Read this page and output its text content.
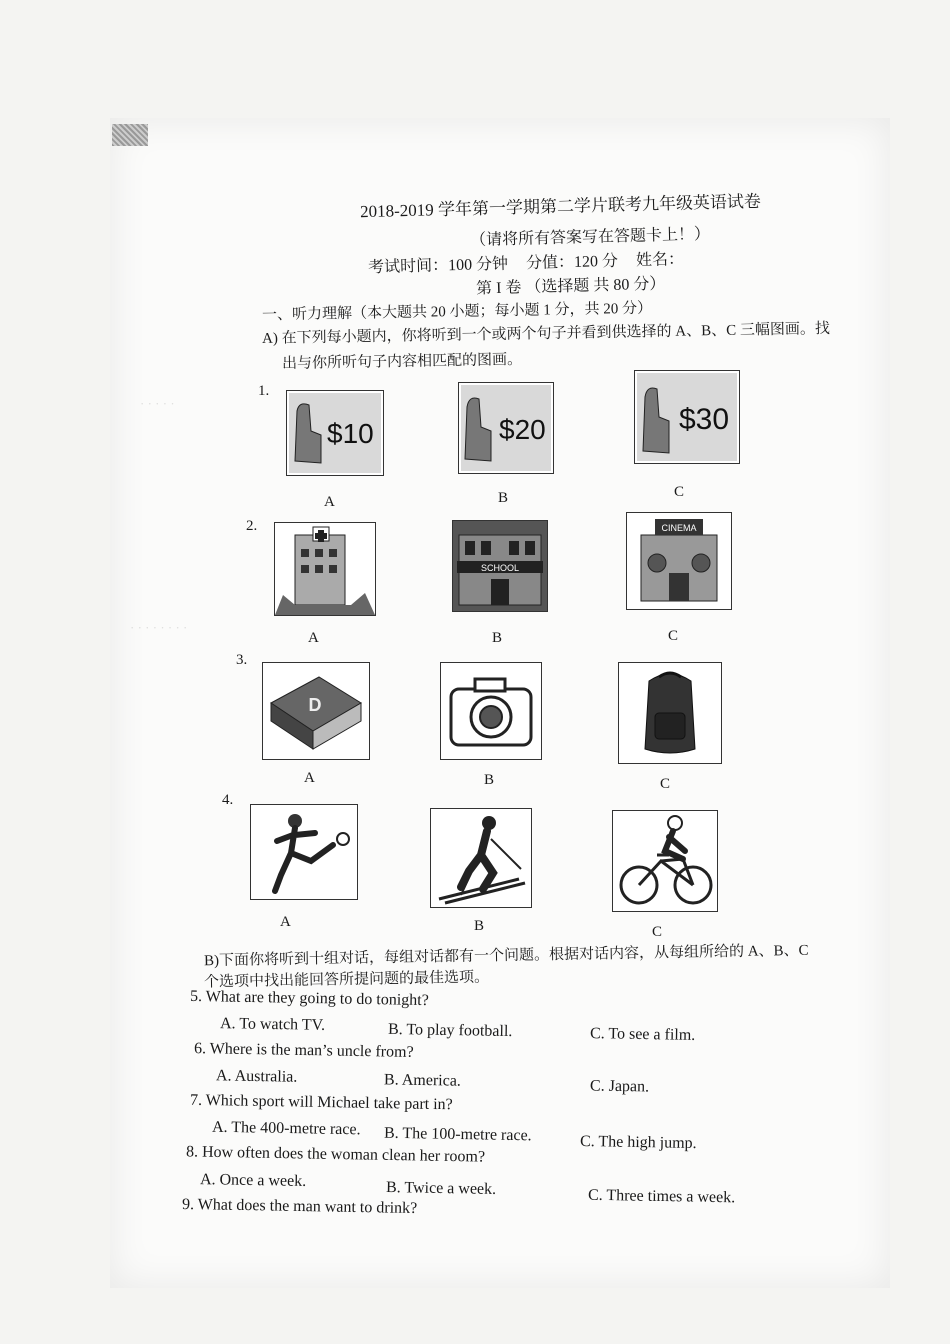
· · · · ·
· · · · · · · ·
2018-2019 学年第一学期第二学片联考九年级英语试卷
（请将所有答案写在答题卡上！）
考试时间：100 分钟 分值：120 分 姓名：
第 I 卷 （选择题 共 80 分）
一、听力理解（本大题共 20 小题；每小题 1 分，共 20 分）
A) 在下列每小题内，你将听到一个或两个句子并看到供选择的 A、B、C 三幅图画。找
出与你所听句子内容相匹配的图画。
1.
$10	$20	$30
A	B	C
2.
SCHOOL
CINEMA
A	B	C
3.
D
A	B	C
4.
A	B	C
B)下面你将听到十组对话，每组对话都有一个问题。根据对话内容，从每组所给的 A、B、C
个选项中找出能回答所提问题的最佳选项。
5. What are they going to do tonight?
A. To watch TV.	B. To play football.	C. To see a film.
6. Where is the man’s uncle from?
A. Australia.	B. America.	C. Japan.
7. Which sport will Michael take part in?
A. The 400-metre race. B. The 100-metre race.	C. The high jump.
8. How often does the woman clean her room?
A. Once a week.	B. Twice a week.	C. Three times a week.
9. What does the man want to drink?
